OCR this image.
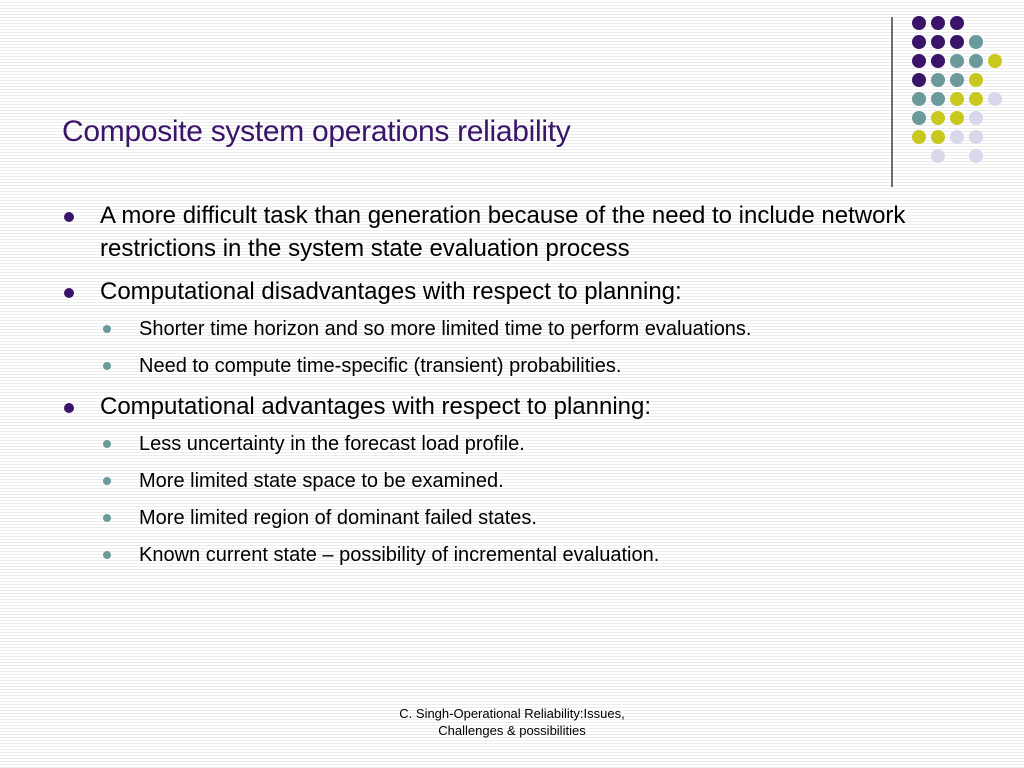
Composite system operations reliability
A more difficult task than generation because of the need to include network restrictions in the system state evaluation process
Computational disadvantages with respect to planning:
Shorter time horizon and so more limited time to perform evaluations.
Need to compute time-specific (transient) probabilities.
Computational advantages with respect to planning:
Less uncertainty in the forecast load profile.
More limited state space to be examined.
More limited region of dominant failed states.
Known current state – possibility of incremental evaluation.
C. Singh-Operational Reliability:Issues,
Challenges & possibilities
